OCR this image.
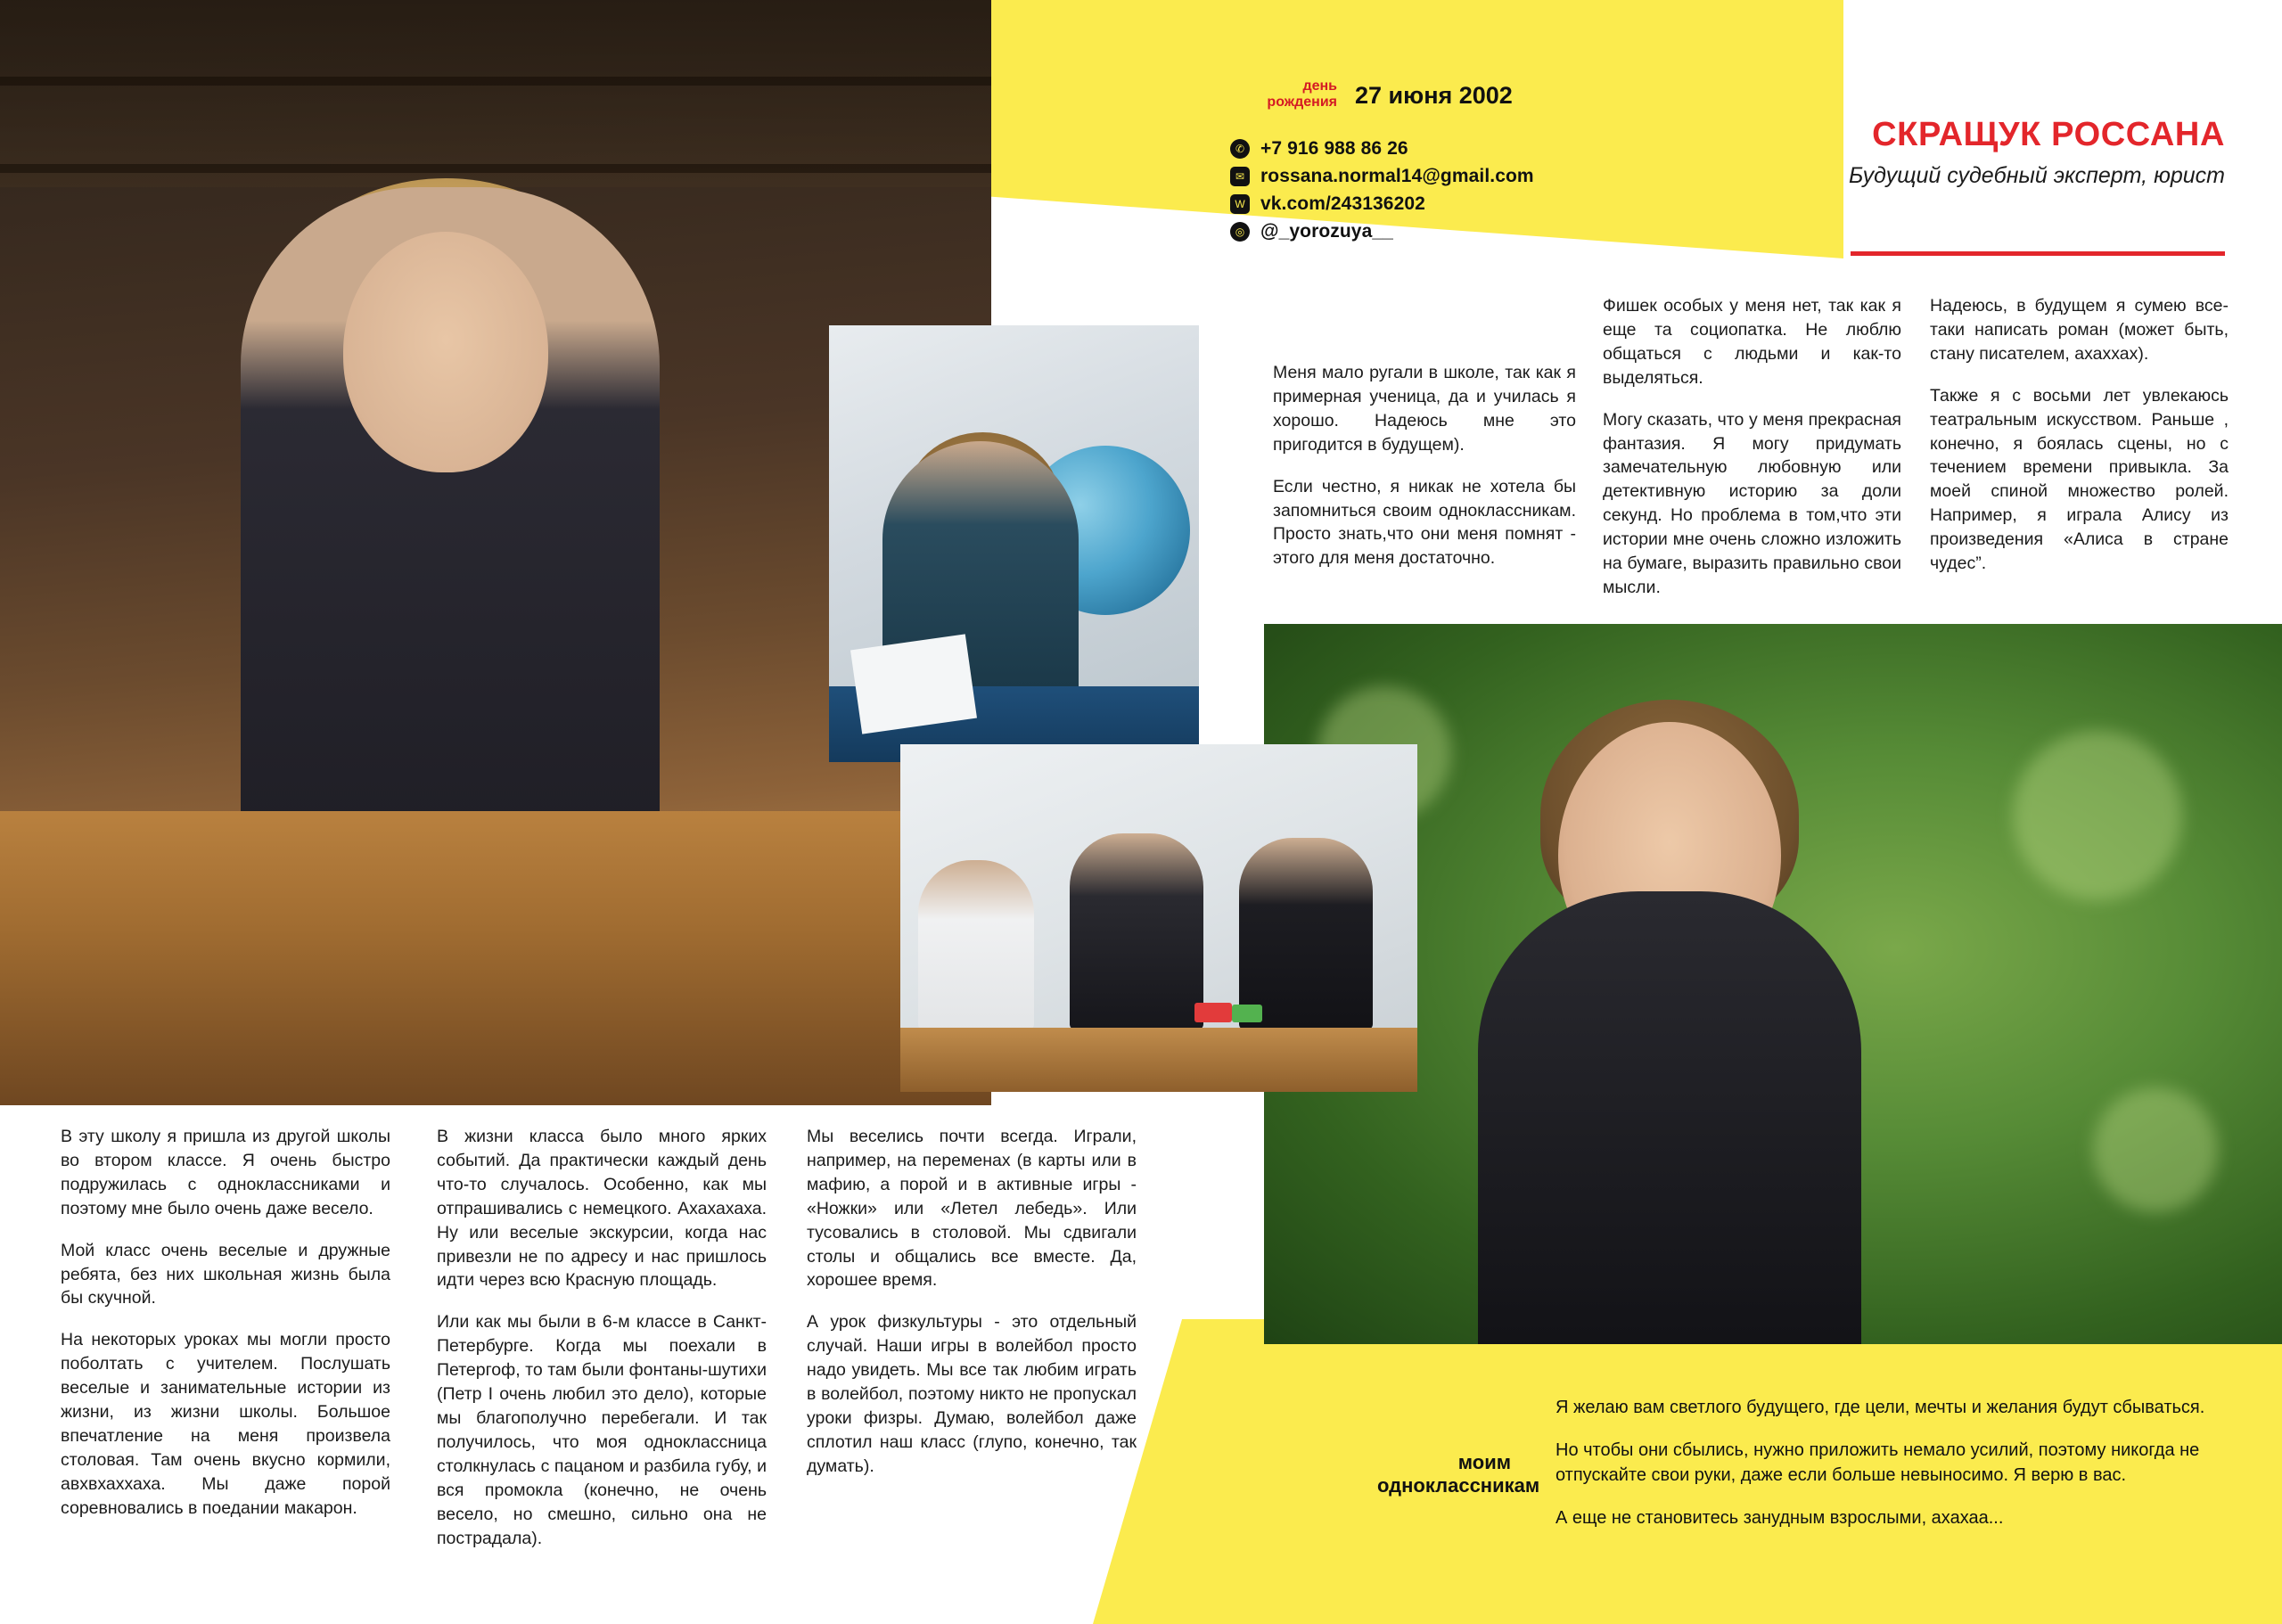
день
рождения 27 июня 2002
✆ +7 916 988 86 26
✉ rossana.normal14@gmail.com
W vk.com/243136202
◎ @_yorozuya__
СКРАЩУК РОССАНА
Будущий судебный эксперт, юрист

Меня мало ругали в школе, так как я примерная ученица, да и училась я хорошо. Надеюсь мне это пригодится в будущем).

Если честно, я никак не хотела бы запомниться своим одноклассникам. Просто знать,что они меня помнят - этого для меня достаточно.

Фишек особых у меня нет, так как я еще та социопатка. Не люблю общаться с людьми и как-то выделяться.

Могу сказать, что у меня прекрасная фантазия. Я могу придумать замечательную любовную или детективную историю за доли секунд. Но проблема в том,что эти истории мне очень сложно изложить на бумаге, выразить правильно свои мысли.

Надеюсь, в будущем я сумею все-таки написать роман (может быть, стану писателем, ахаххах).

Также я с восьми лет увлекаюсь театральным искусством. Раньше , конечно, я боялась сцены, но с течением времени привыкла. За моей спиной множество ролей. Например, я играла Алису из произведения «Алиса в стране чудес”.

В эту школу я пришла из другой школы во втором классе. Я очень быстро подружилась с одноклассниками и поэтому мне было очень даже весело.

Мой класс очень веселые и дружные ребята, без них школьная жизнь была бы скучной.

На некоторых уроках мы могли просто поболтать с учителем. Послушать веселые и занимательные истории из жизни, из жизни школы. Большое впечатление на меня произвела столовая. Там очень вкусно кормили, авхвхаххаха. Мы даже порой соревновались в поедании макарон.

В жизни класса было много ярких событий. Да практически каждый день что-то случалось. Особенно, как мы отпрашивались с немецкого. Ахахахаха. Ну или веселые экскурсии, когда нас привезли не по адресу и нас пришлось идти через всю Красную площадь.

Или как мы были в 6-м классе в Санкт-Петербурге. Когда мы поехали в Петергоф, то там были фонтаны-шутихи (Петр I очень любил это дело), которые мы благополучно перебегали. И так получилось, что моя одноклассница столкнулась с пацаном и разбила губу, и вся промокла (конечно, не очень весело, но смешно, сильно она не пострадала).

Мы веселись почти всегда. Играли, например, на переменах (в карты или в мафию, а порой и в активные игры - «Ножки» или «Летел лебедь». Или тусовались в столовой. Мы сдвигали столы и общались все вместе. Да, хорошее время.

А урок физкультуры - это отдельный случай. Наши игры в волейбол просто надо увидеть. Мы все так любим играть в волейбол, поэтому никто не пропускал уроки физры. Думаю, волейбол даже сплотил наш класс (глупо, конечно, так думать).	моим
одноклассникам

Я желаю вам светлого будущего, где цели, мечты и желания будут сбываться.

Но чтобы они сбылись, нужно приложить немало усилий, поэтому никогда не отпускайте свои руки, даже если больше невыносимо. Я верю в вас.

А еще не становитесь занудным взрослыми, ахахаа...
